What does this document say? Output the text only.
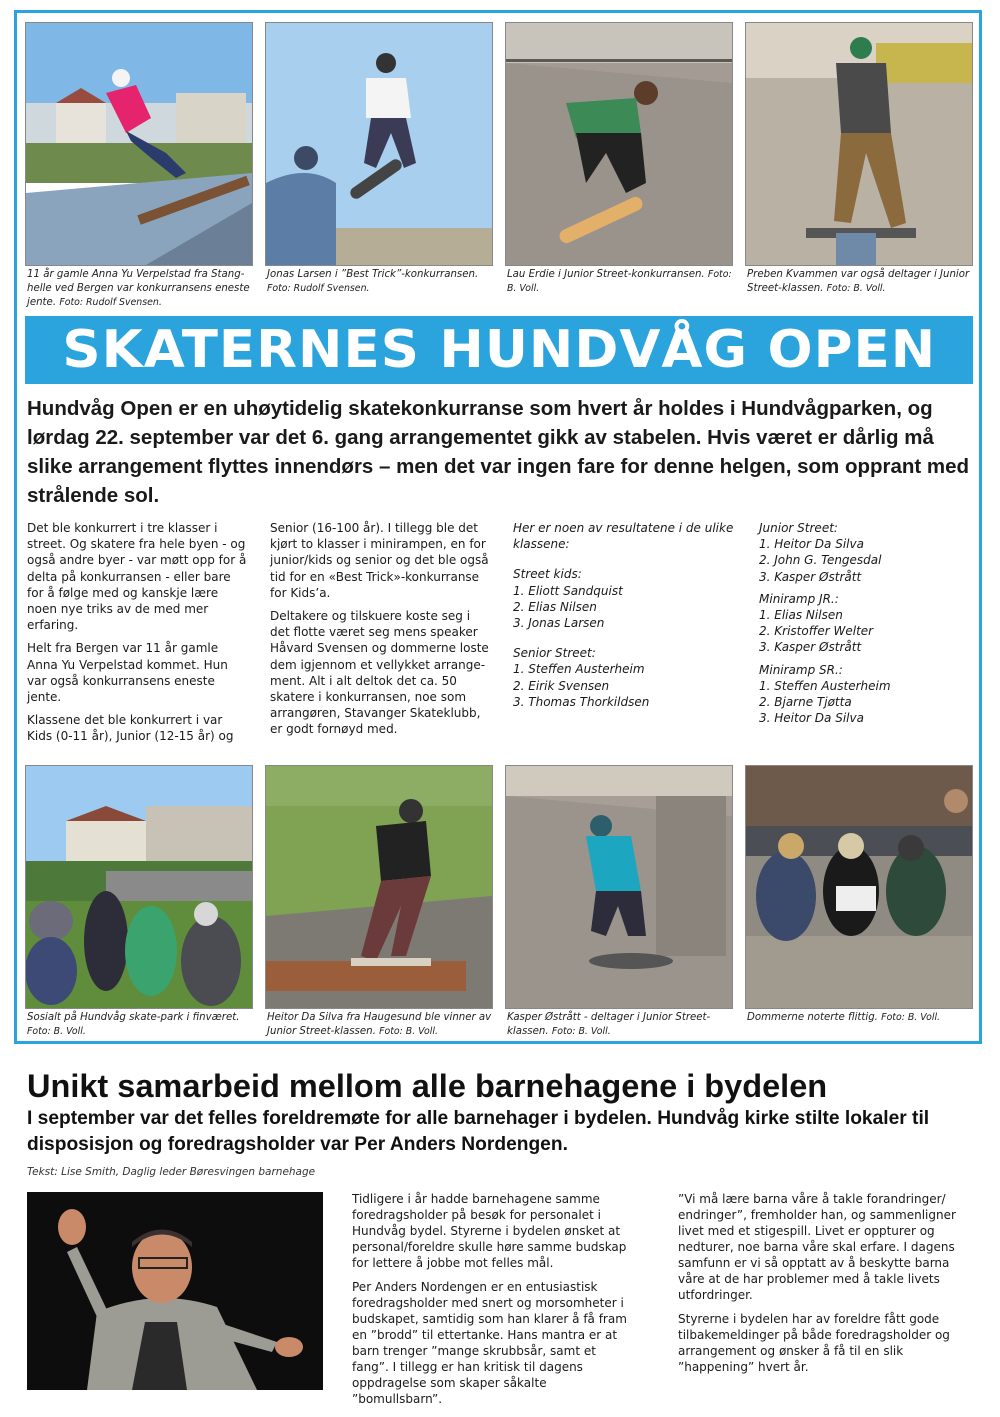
11 år gamle Anna Yu Verpelstad fra Stang-helle ved Bergen var konkurransens eneste jente. Foto: Rudolf Svensen.
Jonas Larsen i ”Best Trick”-konkurransen. Foto: Rudolf Svensen.
Lau Erdie i Junior Street-konkurransen. Foto: B. Voll.
Preben Kvammen var også deltager i Junior Street-klassen. Foto: B. Voll.
SKATERNES HUNDVÅG OPEN
Hundvåg Open er en uhøytidelig skatekonkurranse som hvert år holdes i Hundvågparken, og lørdag 22. september var det 6. gang arrangementet gikk av stabelen. Hvis været er dårlig må slike arrangement flyttes innendørs – men det var ingen fare for denne helgen, som opprant med strålende sol.

Det ble konkurrert i tre klasser i street. Og skatere fra hele byen - og også andre byer - var møtt opp for å delta på konkurransen - eller bare for å følge med og kanskje lære noen nye triks av de med mer erfaring.

Helt fra Bergen var 11 år gamle Anna Yu Verpelstad kommet. Hun var også konkurransens eneste jente.

Klassene det ble konkurrert i var Kids (0-11 år), Junior (12-15 år) og

Senior (16-100 år). I tillegg ble det kjørt to klasser i minirampen, en for junior/kids og senior og det ble også tid for en «Best Trick»-konkurranse for Kids’a.

Deltakere og tilskuere koste seg i det flotte været seg mens speaker Håvard Svensen og dommerne loste dem igjennom et vellykket arrange-ment. Alt i alt deltok det ca. 50 skatere i konkurransen, noe som arrangøren, Stavanger Skateklubb, er godt fornøyd med.

Her er noen av resultatene i de ulike klassene:
Street kids:
1. Eliott Sandquist
2. Elias Nilsen
3. Jonas Larsen
Senior Street:
1. Steffen Austerheim
2. Eirik Svensen
3. Thomas Thorkildsen
Junior Street:
1. Heitor Da Silva
2. John G. Tengesdal
3. Kasper Østrått
Miniramp JR.:
1. Elias Nilsen
2. Kristoffer Welter
3. Kasper Østrått
Miniramp SR.:
1. Steffen Austerheim
2. Bjarne Tjøtta
3. Heitor Da Silva
Sosialt på Hundvåg skate-park i finværet. Foto: B. Voll.
Heitor Da Silva fra Haugesund ble vinner av Junior Street-klassen. Foto: B. Voll.
Kasper Østrått - deltager i Junior Street-klassen. Foto: B. Voll.
Dommerne noterte flittig. Foto: B. Voll.
Unikt samarbeid mellom alle barnehagene i bydelen
I september var det felles foreldremøte for alle barnehager i bydelen. Hundvåg kirke stilte lokaler til disposisjon og foredragsholder var Per Anders Nordengen.
Tekst: Lise Smith, Daglig leder Børesvingen barnehage

Tidligere i år hadde barnehagene samme foredragsholder på besøk for personalet i Hundvåg bydel. Styrerne i bydelen ønsket at personal/foreldre skulle høre samme budskap for lettere å jobbe mot felles mål.

Per Anders Nordengen er en entusiastisk foredragsholder med snert og morsomheter i budskapet, samtidig som han klarer å få fram en ”brodd” til ettertanke. Hans mantra er at barn trenger ”mange skrubbsår, samt et fang”. I tillegg er han kritisk til dagens oppdragelse som skaper såkalte ”bomullsbarn”.

”Vi må lære barna våre å takle forandringer/ endringer”, fremholder han, og sammenligner livet med et stigespill. Livet er oppturer og nedturer, noe barna våre skal erfare. I dagens samfunn er vi så opptatt av å beskytte barna våre at de har problemer med å takle livets utfordringer.

Styrerne i bydelen har av foreldre fått gode tilbakemeldinger på både foredragsholder og arrangement og ønsker å få til en slik ”happening” hvert år.
